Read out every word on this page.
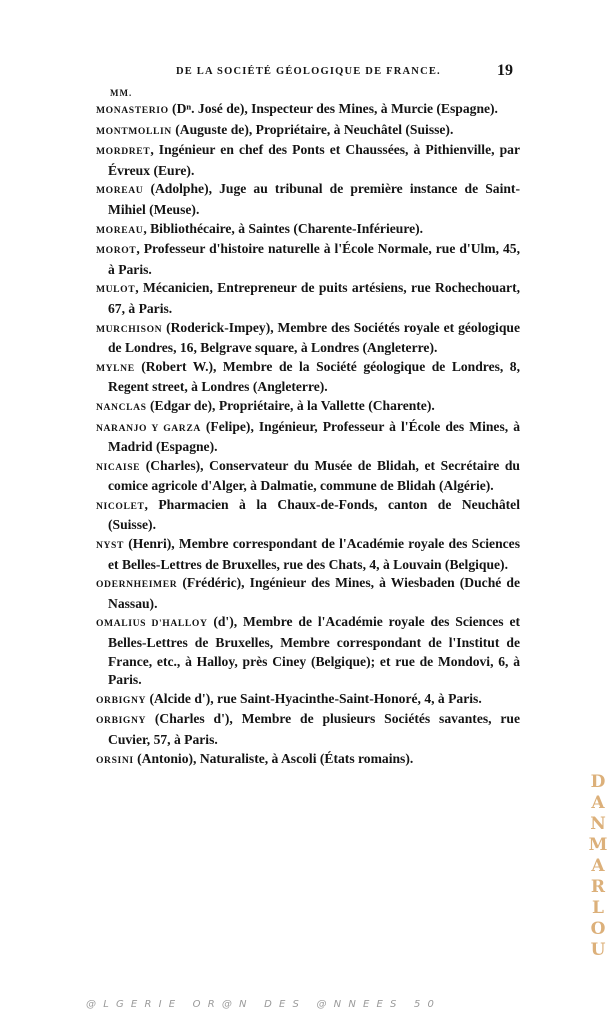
DE LA SOCIÉTÉ GÉOLOGIQUE DE FRANCE.	19
MM.

MONASTERIO (Dⁿ. José de), Inspecteur des Mines, à Murcie (Espagne).

MONTMOLLIN (Auguste de), Propriétaire, à Neuchâtel (Suisse).

MORDRET, Ingénieur en chef des Ponts et Chaussées, à Pithienville, par Évreux (Eure).

MOREAU (Adolphe), Juge au tribunal de première instance de Saint-Mihiel (Meuse).

MOREAU, Bibliothécaire, à Saintes (Charente-Inférieure).

MOROT, Professeur d'histoire naturelle à l'École Normale, rue d'Ulm, 45, à Paris.

MULOT, Mécanicien, Entrepreneur de puits artésiens, rue Rochechouart, 67, à Paris.

MURCHISON (Roderick-Impey), Membre des Sociétés royale et géologique de Londres, 16, Belgrave square, à Londres (Angleterre).

MYLNE (Robert W.), Membre de la Société géologique de Londres, 8, Regent street, à Londres (Angleterre).

NANCLAS (Edgar de), Propriétaire, à la Vallette (Charente).

NARANJO Y GARZA (Felipe), Ingénieur, Professeur à l'École des Mines, à Madrid (Espagne).

NICAISE (Charles), Conservateur du Musée de Blidah, et Secrétaire du comice agricole d'Alger, à Dalmatie, commune de Blidah (Algérie).

NICOLET, Pharmacien à la Chaux-de-Fonds, canton de Neuchâtel (Suisse).

NYST (Henri), Membre correspondant de l'Académie royale des Sciences et Belles-Lettres de Bruxelles, rue des Chats, 4, à Louvain (Belgique).

ODERNHEIMER (Frédéric), Ingénieur des Mines, à Wiesbaden (Duché de Nassau).

OMALIUS D'HALLOY (d'), Membre de l'Académie royale des Sciences et Belles-Lettres de Bruxelles, Membre correspondant de l'Institut de France, etc., à Halloy, près Ciney (Belgique); et rue de Mondovi, 6, à Paris.

ORBIGNY (Alcide d'), rue Saint-Hyacinthe-Saint-Honoré, 4, à Paris.

ORBIGNY (Charles d'), Membre de plusieurs Sociétés savantes, rue Cuvier, 57, à Paris.

ORSINI (Antonio), Naturaliste, à Ascoli (États romains).

@LGERIE OR@N DES @NNEES 50
D
A
N
M
A
R
L
O
U
